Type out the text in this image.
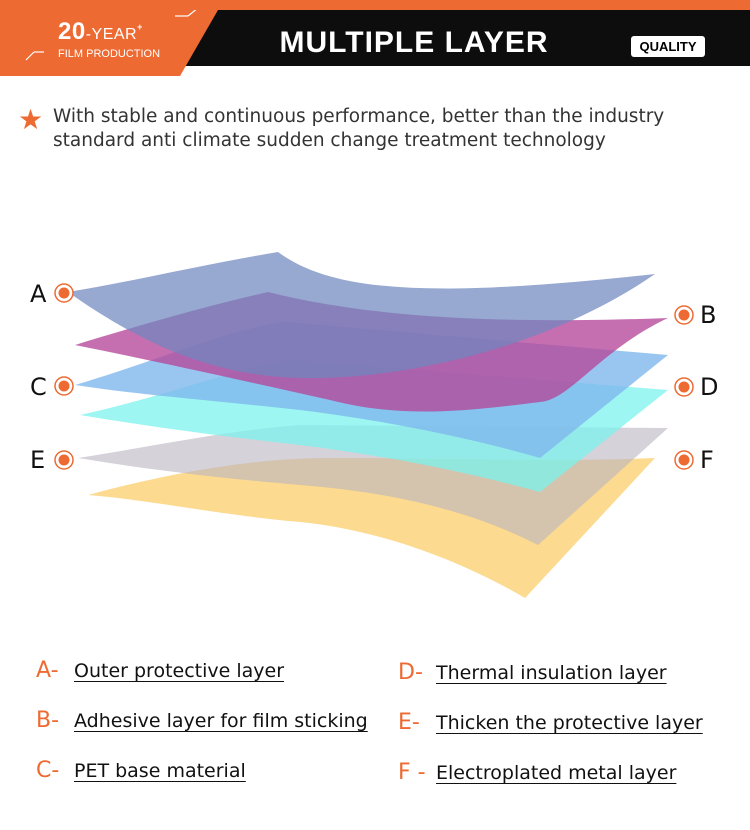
20-YEAR+
FILM PRODUCTION	MULTIPLE LAYER	QUALITY
★ With stable and continuous performance, better than the industry standard anti climate sudden change treatment technology
A
B
C	D
E	F
A- Outer protective layer
B- Adhesive layer for film sticking
C- PET base material
D- Thermal insulation layer
E- Thicken the protective layer
F - Electroplated metal layer
